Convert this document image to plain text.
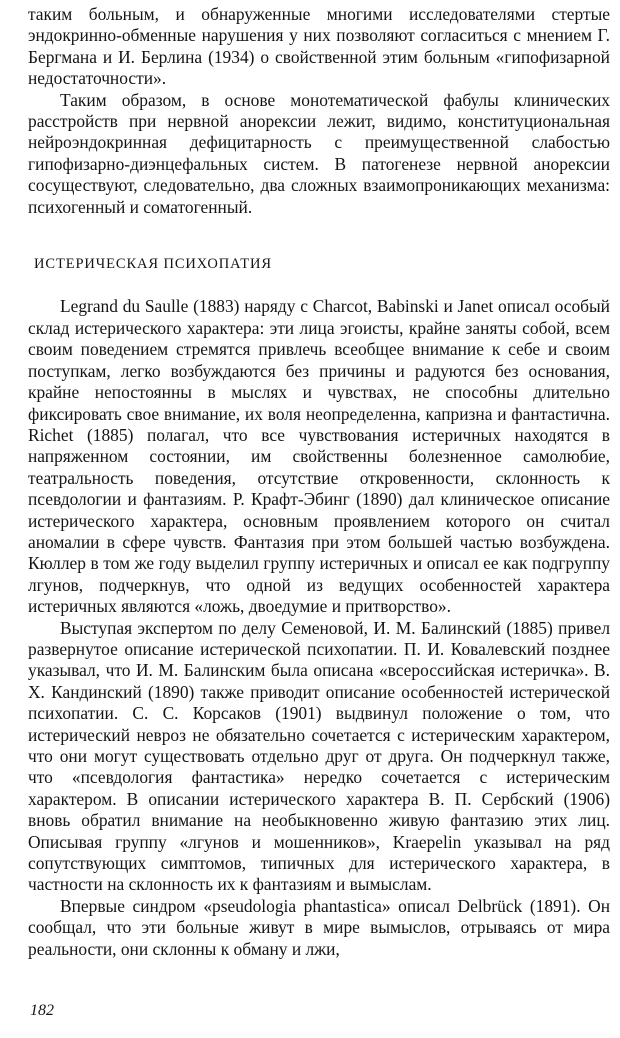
таким больным, и обнаруженные многими исследователями стертые эндокринно-обменные нарушения у них позволяют согласиться с мнением Г. Бергмана и И. Берлина (1934) о свойственной этим больным «гипофизарной недостаточности».

Таким образом, в основе монотематической фабулы клинических расстройств при нервной анорексии лежит, видимо, конституциональная нейроэндокринная дефицитарность с преимущественной слабостью гипофизарно-диэнцефальных систем. В патогенезе нервной анорексии сосуществуют, следовательно, два сложных взаимопроникающих механизма: психогенный и соматогенный.

ИСТЕРИЧЕСКАЯ ПСИХОПАТИЯ

Legrand du Saulle (1883) наряду с Charcot, Babinski и Janet описал особый склад истерического характера: эти лица эгоисты, крайне заняты собой, всем своим поведением стремятся привлечь всеобщее внимание к себе и своим поступкам, легко возбуждаются без причины и радуются без основания, крайне непостоянны в мыслях и чувствах, не способны длительно фиксировать свое внимание, их воля неопределенна, капризна и фантастична. Richet (1885) полагал, что все чувствования истеричных находятся в напряженном состоянии, им свойственны болезненное самолюбие, театральность поведения, отсутствие откровенности, склонность к псевдологии и фантазиям. Р. Крафт-Эбинг (1890) дал клиническое описание истерического характера, основным проявлением которого он считал аномалии в сфере чувств. Фантазия при этом большей частью возбуждена. Кюллер в том же году выделил группу истеричных и описал ее как подгруппу лгунов, подчеркнув, что одной из ведущих особенностей характера истеричных являются «ложь, двоедумие и притворство».

Выступая экспертом по делу Семеновой, И. М. Балинский (1885) привел развернутое описание истерической психопатии. П. И. Ковалевский позднее указывал, что И. М. Балинским была описана «всероссийская истеричка». В. Х. Кандинский (1890) также приводит описание особенностей истерической психопатии. С. С. Корсаков (1901) выдвинул положение о том, что истерический невроз не обязательно сочетается с истерическим характером, что они могут существовать отдельно друг от друга. Он подчеркнул также, что «псевдология фантастика» нередко сочетается с истерическим характером. В описании истерического характера В. П. Сербский (1906) вновь обратил внимание на необыкновенно живую фантазию этих лиц. Описывая группу «лгунов и мошенников», Kraepelin указывал на ряд сопутствующих симптомов, типичных для истерического характера, в частности на склонность их к фантазиям и вымыслам.

Впервые синдром «pseudologia phantastica» описал Delbrück (1891). Он сообщал, что эти больные живут в мире вымыслов, отрываясь от мира реальности, они склонны к обману и лжи,

182
